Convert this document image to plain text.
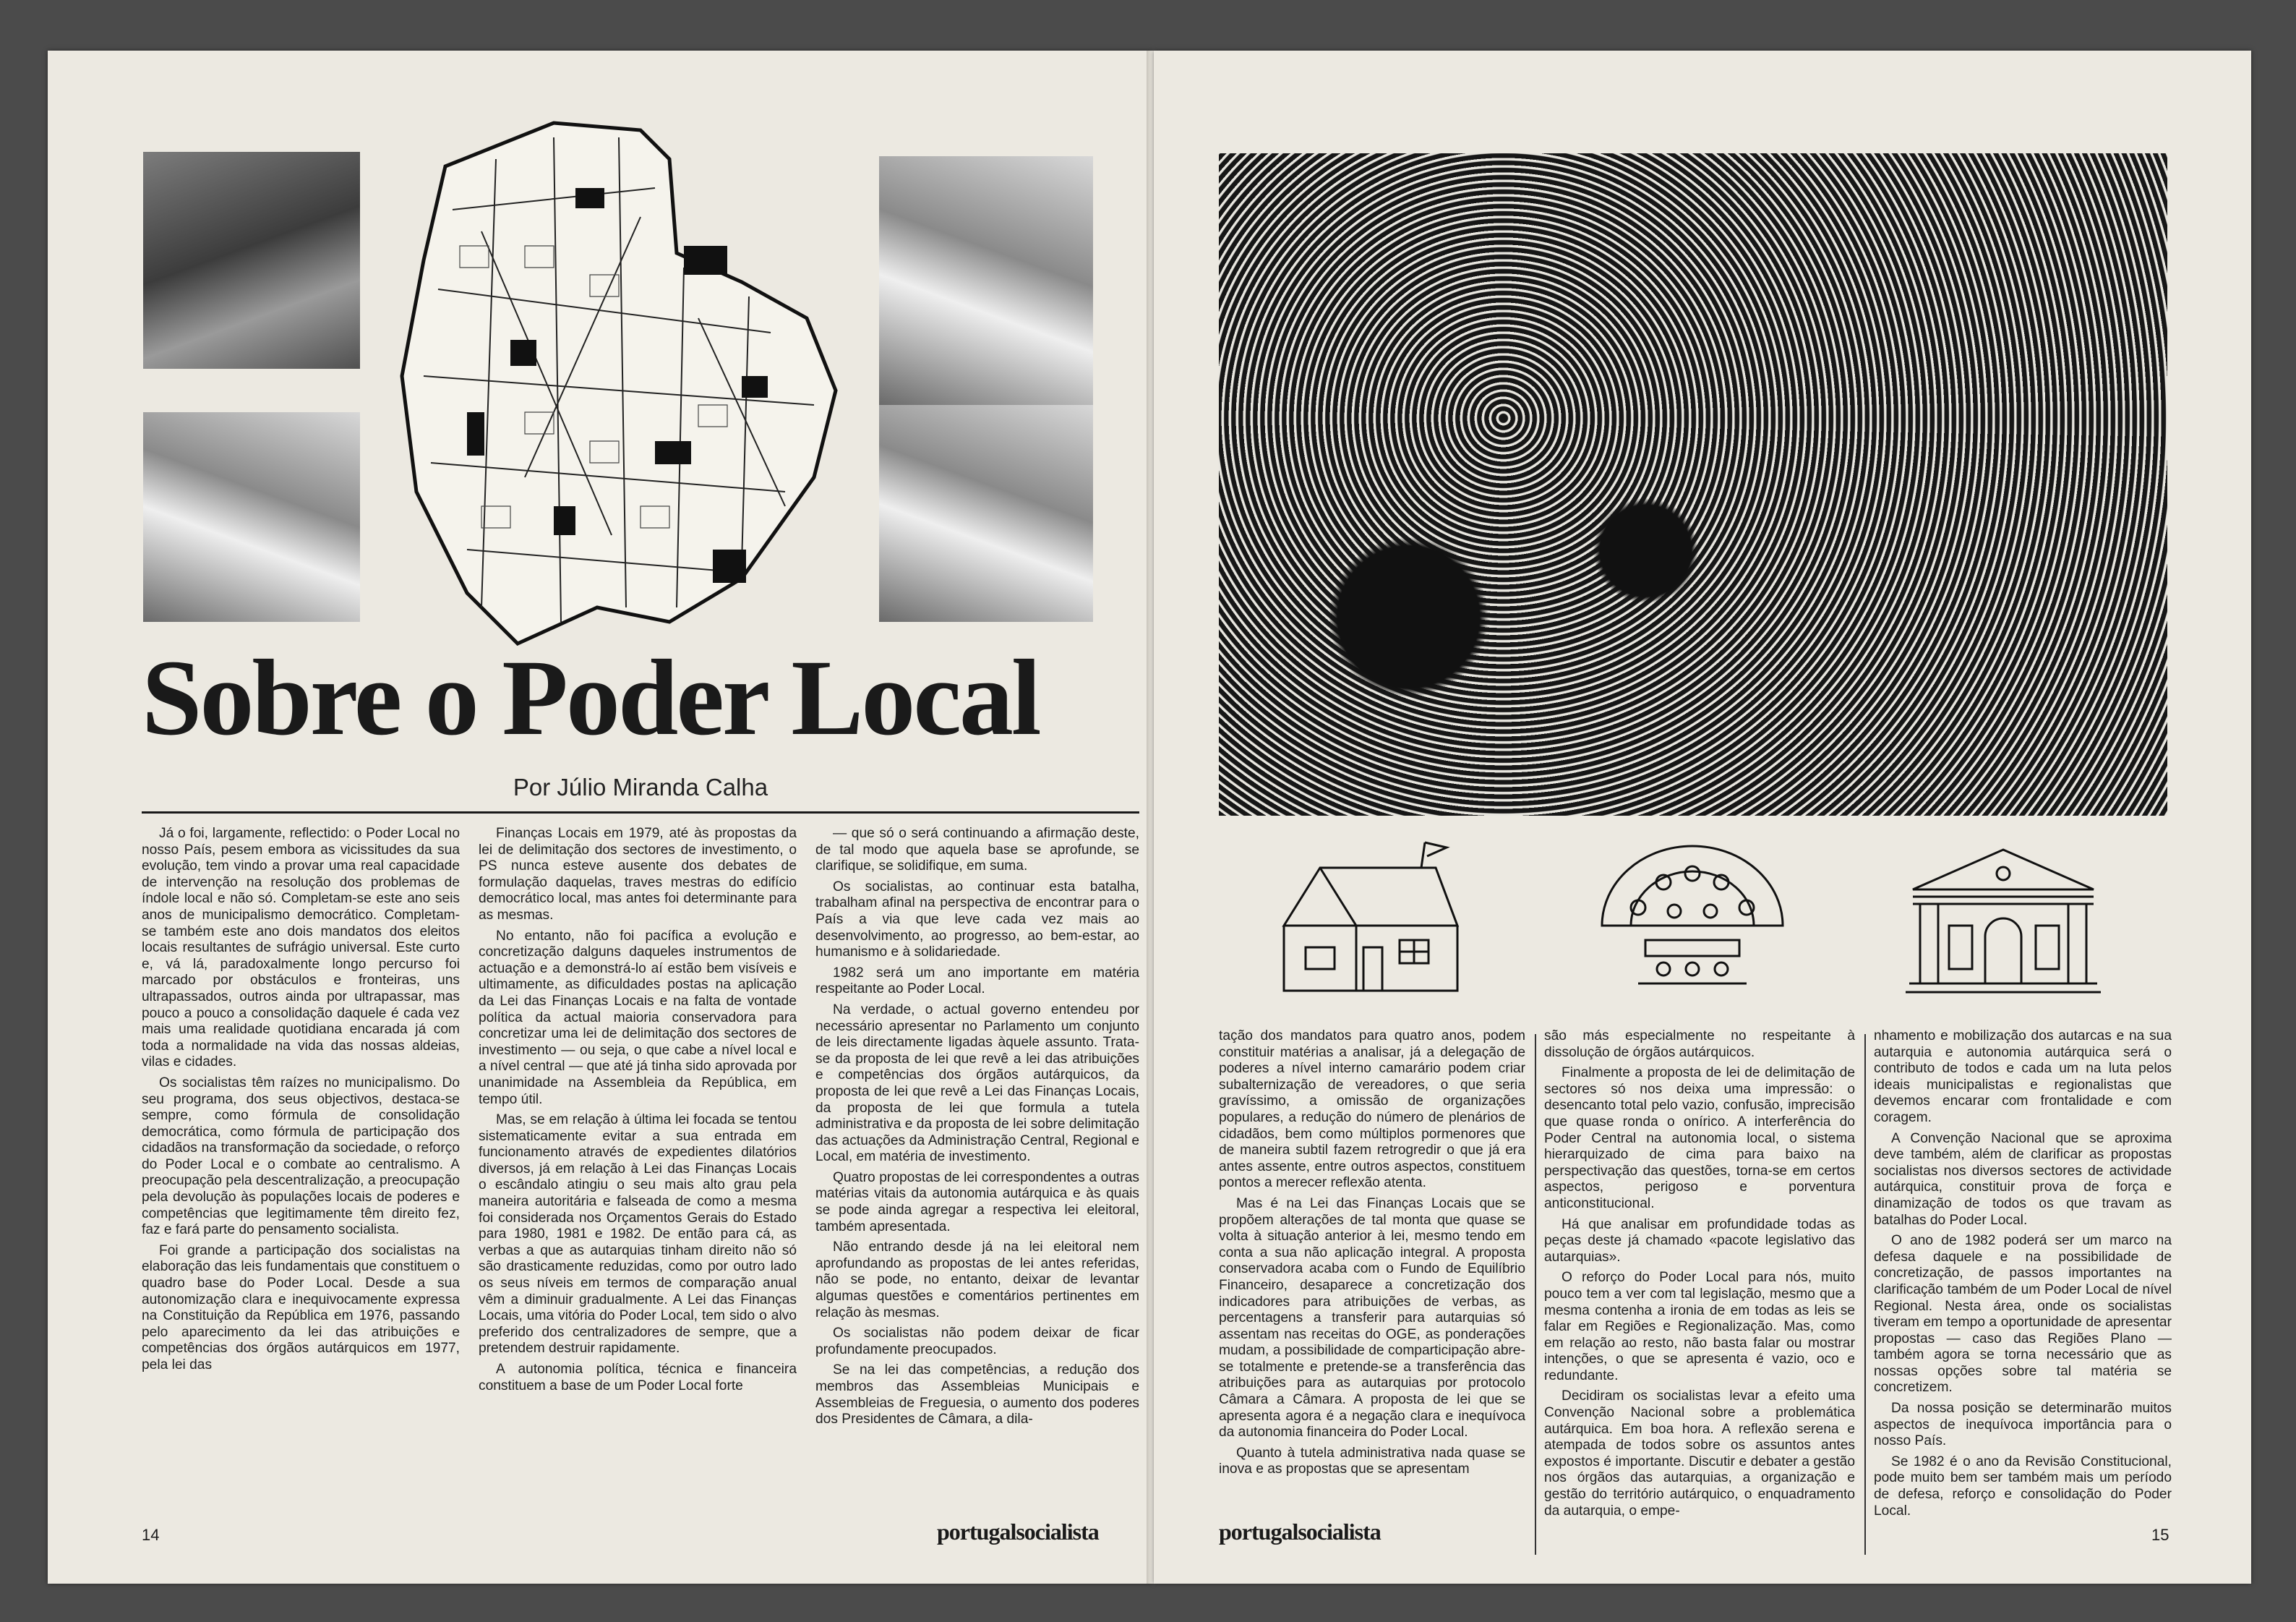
Sobre o Poder Local
Por Júlio Miranda Calha

Já o foi, largamente, reflectido: o Poder Local no nosso País, pesem embora as vicissitudes da sua evolução, tem vindo a provar uma real capacidade de intervenção na resolução dos problemas de índole local e não só. Completam-se este ano seis anos de municipalismo democrático. Completam-se também este ano dois mandatos dos eleitos locais resultantes de sufrágio universal. Este curto e, vá lá, paradoxalmente longo percurso foi marcado por obstáculos e fronteiras, uns ultrapassados, outros ainda por ultrapassar, mas pouco a pouco a consolidação daquele é cada vez mais uma realidade quotidiana encarada já com toda a normalidade na vida das nossas aldeias, vilas e cidades.

Os socialistas têm raízes no municipalismo. Do seu programa, dos seus objectivos, destaca-se sempre, como fórmula de consolidação democrática, como fórmula de participação dos cidadãos na transformação da sociedade, o reforço do Poder Local e o combate ao centralismo. A preocupação pela descentralização, a preocupação pela devolução às populações locais de poderes e competências que legitimamente têm direito fez, faz e fará parte do pensamento socialista.

Foi grande a participação dos socialistas na elaboração das leis fundamentais que constituem o quadro base do Poder Local. Desde a sua autonomização clara e inequivocamente expressa na Constituição da República em 1976, passando pelo aparecimento da lei das atribuições e competências dos órgãos autárquicos em 1977, pela lei das

Finanças Locais em 1979, até às propostas da lei de delimitação dos sectores de investimento, o PS nunca esteve ausente dos debates de formulação daquelas, traves mestras do edifício democrático local, mas antes foi determinante para as mesmas.

No entanto, não foi pacífica a evolução e concretização dalguns daqueles instrumentos de actuação e a demonstrá-lo aí estão bem visíveis e ultimamente, as dificuldades postas na aplicação da Lei das Finanças Locais e na falta de vontade política da actual maioria conservadora para concretizar uma lei de delimitação dos sectores de investimento — ou seja, o que cabe a nível local e a nível central — que até já tinha sido aprovada por unanimidade na Assembleia da República, em tempo útil.

Mas, se em relação à última lei focada se tentou sistematicamente evitar a sua entrada em funcionamento através de expedientes dilatórios diversos, já em relação à Lei das Finanças Locais o escândalo atingiu o seu mais alto grau pela maneira autoritária e falseada de como a mesma foi considerada nos Orçamentos Gerais do Estado para 1980, 1981 e 1982. De então para cá, as verbas a que as autarquias tinham direito não só são drasticamente reduzidas, como por outro lado os seus níveis em termos de comparação anual vêm a diminuir gradualmente. A Lei das Finanças Locais, uma vitória do Poder Local, tem sido o alvo preferido dos centralizadores de sempre, que a pretendem destruir rapidamente.

A autonomia política, técnica e financeira constituem a base de um Poder Local forte

— que só o será continuando a afirmação deste, de tal modo que aquela base se aprofunde, se clarifique, se solidifique, em suma.

Os socialistas, ao continuar esta batalha, trabalham afinal na perspectiva de encontrar para o País a via que leve cada vez mais ao desenvolvimento, ao progresso, ao bem-estar, ao humanismo e à solidariedade.

1982 será um ano importante em matéria respeitante ao Poder Local.

Na verdade, o actual governo entendeu por necessário apresentar no Parlamento um conjunto de leis directamente ligadas àquele assunto. Trata-se da proposta de lei que revê a lei das atribuições e competências dos órgãos autárquicos, da proposta de lei que revê a Lei das Finanças Locais, da proposta de lei que formula a tutela administrativa e da proposta de lei sobre delimitação das actuações da Administração Central, Regional e Local, em matéria de investimento.

Quatro propostas de lei correspondentes a outras matérias vitais da autonomia autárquica e às quais se pode ainda agregar a respectiva lei eleitoral, também apresentada.

Não entrando desde já na lei eleitoral nem aprofundando as propostas de lei antes referidas, não se pode, no entanto, deixar de levantar algumas questões e comentários pertinentes em relação às mesmas.

Os socialistas não podem deixar de ficar profundamente preocupados.

Se na lei das competências, a redução dos membros das Assembleias Municipais e Assembleias de Freguesia, o aumento dos poderes dos Presidentes de Câmara, a dila-

14	portugalsocialista

tação dos mandatos para quatro anos, podem constituir matérias a analisar, já a delegação de poderes a nível interno camarário podem criar subalternização de vereadores, o que seria gravíssimo, a omissão de organizações populares, a redução do número de plenários de cidadãos, bem como múltiplos pormenores que de maneira subtil fazem retrogredir o que já era antes assente, entre outros aspectos, constituem pontos a merecer reflexão atenta.

Mas é na Lei das Finanças Locais que se propõem alterações de tal monta que quase se volta à situação anterior à lei, mesmo tendo em conta a sua não aplicação integral. A proposta conservadora acaba com o Fundo de Equilíbrio Financeiro, desaparece a concretização dos indicadores para atribuições de verbas, as percentagens a transferir para autarquias só assentam nas receitas do OGE, as ponderações mudam, a possibilidade de comparticipação abre-se totalmente e pretende-se a transferência das atribuições para as autarquias por protocolo Câmara a Câmara. A proposta de lei que se apresenta agora é a negação clara e inequívoca da autonomia financeira do Poder Local.

Quanto à tutela administrativa nada quase se inova e as propostas que se apresentam

são más especialmente no respeitante à dissolução de órgãos autárquicos.

Finalmente a proposta de lei de delimitação de sectores só nos deixa uma impressão: o desencanto total pelo vazio, confusão, imprecisão que quase ronda o onírico. A interferência do Poder Central na autonomia local, o sistema hierarquizado de cima para baixo na perspectivação das questões, torna-se em certos aspectos, perigoso e porventura anticonstitucional.

Há que analisar em profundidade todas as peças deste já chamado «pacote legislativo das autarquias».

O reforço do Poder Local para nós, muito pouco tem a ver com tal legislação, mesmo que a mesma contenha a ironia de em todas as leis se falar em Regiões e Regionalização. Mas, como em relação ao resto, não basta falar ou mostrar intenções, o que se apresenta é vazio, oco e redundante.

Decidiram os socialistas levar a efeito uma Convenção Nacional sobre a problemática autárquica. Em boa hora. A reflexão serena e atempada de todos sobre os assuntos antes expostos é importante. Discutir e debater a gestão nos órgãos das autarquias, a organização e gestão do território autárquico, o enquadramento da autarquia, o empe-

nhamento e mobilização dos autarcas e na sua autarquia e autonomia autárquica será o contributo de todos e cada um na luta pelos ideais municipalistas e regionalistas que devemos encarar com frontalidade e com coragem.

A Convenção Nacional que se aproxima deve também, além de clarificar as propostas socialistas nos diversos sectores de actividade autárquica, constituir prova de força e dinamização de todos os que travam as batalhas do Poder Local.

O ano de 1982 poderá ser um marco na defesa daquele e na possibilidade de concretização, de passos importantes na clarificação também de um Poder Local de nível Regional. Nesta área, onde os socialistas tiveram em tempo a oportunidade de apresentar propostas — caso das Regiões Plano — também agora se torna necessário que as nossas opções sobre tal matéria se concretizem.

Da nossa posição se determinarão muitos aspectos de inequívoca importância para o nosso País.

Se 1982 é o ano da Revisão Constitucional, pode muito bem ser também mais um período de defesa, reforço e consolidação do Poder Local.

portugalsocialista	15
